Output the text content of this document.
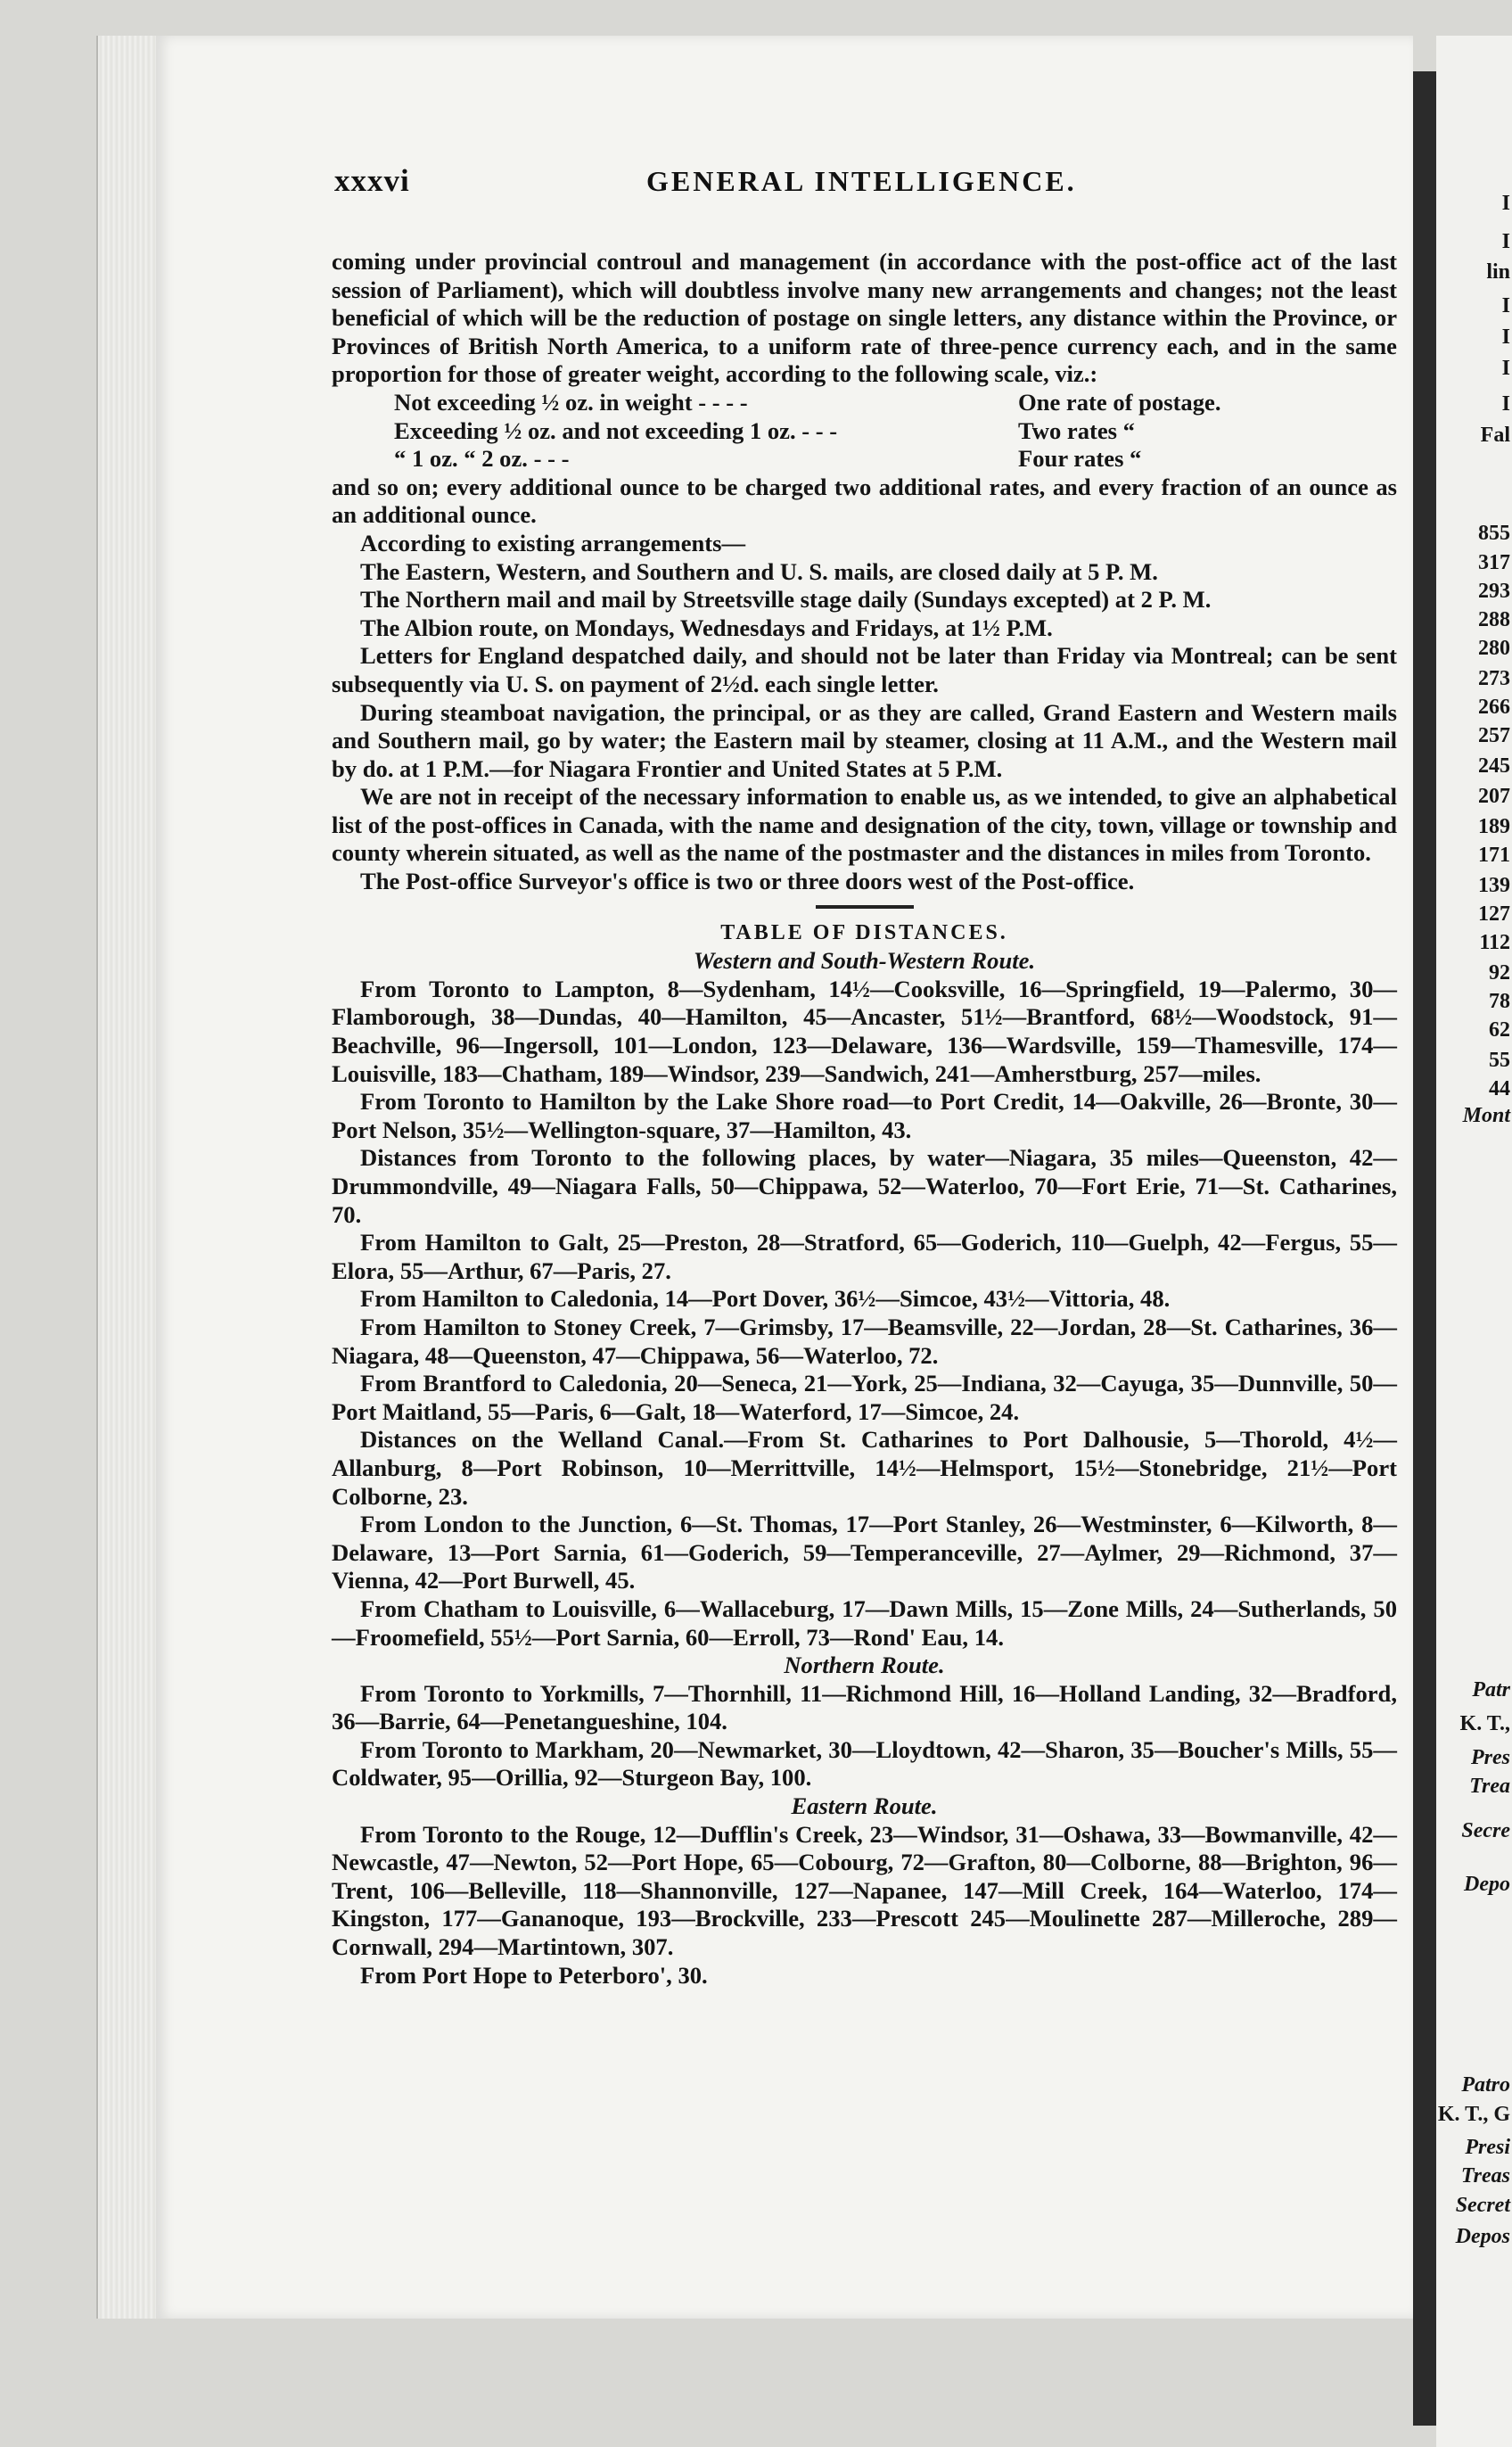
I
I
lin
I
I
I
I
Fal
855
317
293
288
280
273
266
257
245
207
189
171
139
127
112
92
78
62
55
44
Mont
Patr
K. T.,
Pres
Trea
Secre
Depo
Patro
K. T., G
Presi
Treas
Secret
Depos
xxxvi	GENERAL INTELLIGENCE.

coming under provincial controul and management (in accordance with the post-office act of the last session of Parliament), which will doubtless involve many new arrangements and changes; not the least beneficial of which will be the reduction of postage on single letters, any distance within the Province, or Provinces of British North America, to a uniform rate of three-pence currency each, and in the same proportion for those of greater weight, according to the following scale, viz.:

Not exceeding ½ oz. in weight - - - -	One rate of postage.
Exceeding ½ oz. and not exceeding 1 oz. - - -	Two rates “
“ 1 oz. “ 2 oz. - - -	Four rates “

and so on; every additional ounce to be charged two additional rates, and every fraction of an ounce as an additional ounce.

According to existing arrangements—

The Eastern, Western, and Southern and U. S. mails, are closed daily at 5 P. M.

The Northern mail and mail by Streetsville stage daily (Sundays excepted) at 2 P. M.

The Albion route, on Mondays, Wednesdays and Fridays, at 1½ P.M.

Letters for England despatched daily, and should not be later than Friday via Montreal; can be sent subsequently via U. S. on payment of 2½d. each single letter.

During steamboat navigation, the principal, or as they are called, Grand Eastern and Western mails and Southern mail, go by water; the Eastern mail by steamer, closing at 11 A.M., and the Western mail by do. at 1 P.M.—for Niagara Frontier and United States at 5 P.M.

We are not in receipt of the necessary information to enable us, as we intended, to give an alphabetical list of the post-offices in Canada, with the name and designation of the city, town, village or township and county wherein situated, as well as the name of the postmaster and the distances in miles from Toronto.

The Post-office Surveyor's office is two or three doors west of the Post-office.

TABLE OF DISTANCES.
Western and South-Western Route.

From Toronto to Lampton, 8—Sydenham, 14½—Cooksville, 16—Springfield, 19—Palermo, 30—Flamborough, 38—Dundas, 40—Hamilton, 45—Ancaster, 51½—Brantford, 68½—Woodstock, 91—Beachville, 96—Ingersoll, 101—London, 123—Delaware, 136—Wardsville, 159—Thamesville, 174—Louisville, 183—Chatham, 189—Windsor, 239—Sandwich, 241—Amherstburg, 257—miles.

From Toronto to Hamilton by the Lake Shore road—to Port Credit, 14—Oakville, 26—Bronte, 30—Port Nelson, 35½—Wellington-square, 37—Hamilton, 43.

Distances from Toronto to the following places, by water—Niagara, 35 miles—Queenston, 42—Drummondville, 49—Niagara Falls, 50—Chippawa, 52—Waterloo, 70—Fort Erie, 71—St. Catharines, 70.

From Hamilton to Galt, 25—Preston, 28—Stratford, 65—Goderich, 110—Guelph, 42—Fergus, 55—Elora, 55—Arthur, 67—Paris, 27.

From Hamilton to Caledonia, 14—Port Dover, 36½—Simcoe, 43½—Vittoria, 48.

From Hamilton to Stoney Creek, 7—Grimsby, 17—Beamsville, 22—Jordan, 28—St. Catharines, 36—Niagara, 48—Queenston, 47—Chippawa, 56—Waterloo, 72.

From Brantford to Caledonia, 20—Seneca, 21—York, 25—Indiana, 32—Cayuga, 35—Dunnville, 50—Port Maitland, 55—Paris, 6—Galt, 18—Waterford, 17—Simcoe, 24.

Distances on the Welland Canal.—From St. Catharines to Port Dalhousie, 5—Thorold, 4½—Allanburg, 8—Port Robinson, 10—Merrittville, 14½—Helmsport, 15½—Stonebridge, 21½—Port Colborne, 23.

From London to the Junction, 6—St. Thomas, 17—Port Stanley, 26—Westminster, 6—Kilworth, 8—Delaware, 13—Port Sarnia, 61—Goderich, 59—Temperanceville, 27—Aylmer, 29—Richmond, 37—Vienna, 42—Port Burwell, 45.

From Chatham to Louisville, 6—Wallaceburg, 17—Dawn Mills, 15—Zone Mills, 24—Sutherlands, 50—Froomefield, 55½—Port Sarnia, 60—Erroll, 73—Rond' Eau, 14.

Northern Route.

From Toronto to Yorkmills, 7—Thornhill, 11—Richmond Hill, 16—Holland Landing, 32—Bradford, 36—Barrie, 64—Penetangueshine, 104.

From Toronto to Markham, 20—Newmarket, 30—Lloydtown, 42—Sharon, 35—Boucher's Mills, 55—Coldwater, 95—Orillia, 92—Sturgeon Bay, 100.

Eastern Route.

From Toronto to the Rouge, 12—Dufflin's Creek, 23—Windsor, 31—Oshawa, 33—Bowmanville, 42—Newcastle, 47—Newton, 52—Port Hope, 65—Cobourg, 72—Grafton, 80—Colborne, 88—Brighton, 96—Trent, 106—Belleville, 118—Shannonville, 127—Napanee, 147—Mill Creek, 164—Waterloo, 174—Kingston, 177—Gananoque, 193—Brockville, 233—Prescott 245—Moulinette 287—Milleroche, 289—Cornwall, 294—Martintown, 307.

From Port Hope to Peterboro', 30.
